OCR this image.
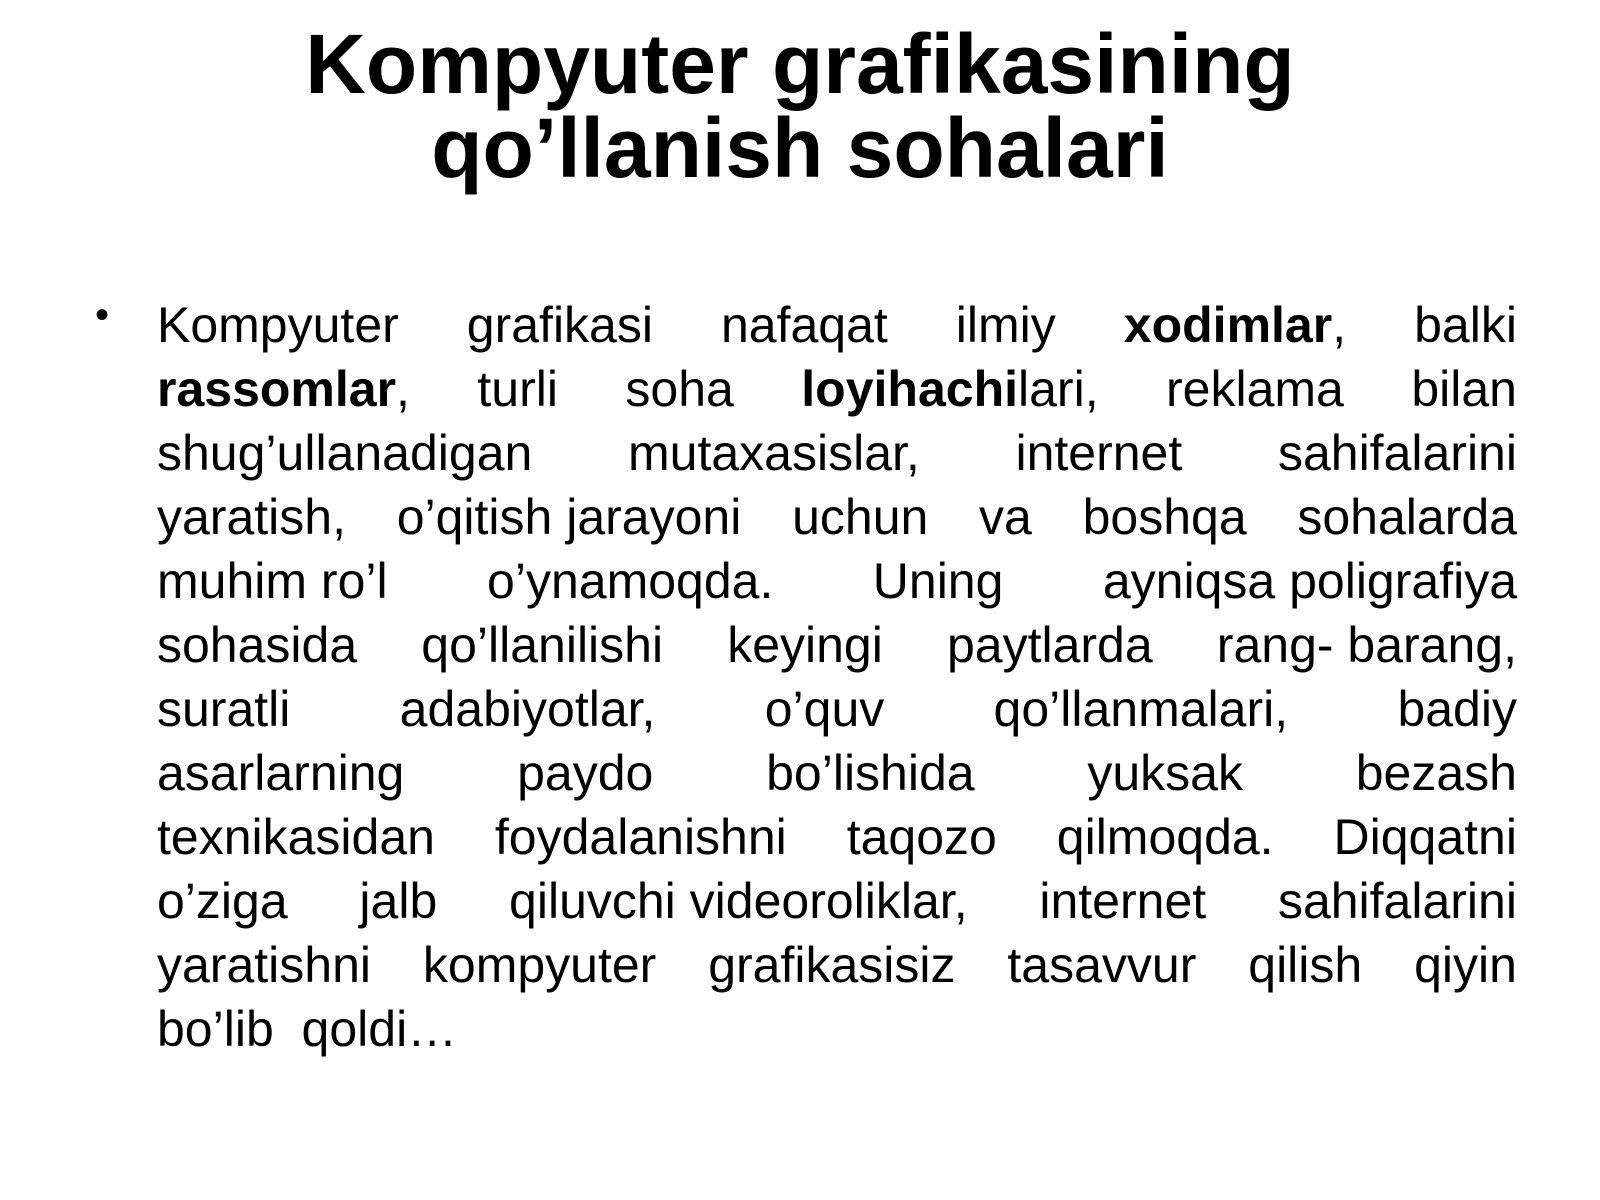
Kompyuter grafikasining
qo’llanish sohalari
• Kompyuter grafikasi nafaqat ilmiy xodimlar, balki
rassomlar, turli soha loyihachilari, reklama bilan
shug’ullanadigan mutaxasislar, internet sahifalarini
yaratish, o’qitish jarayoni uchun va boshqa sohalarda
muhim ro’l o’ynamoqda. Uning ayniqsa poligrafiya
sohasida qo’llanilishi keyingi paytlarda rang- barang,
suratli adabiyotlar, o’quv qo’llanmalari, badiy
asarlarning paydo bo’lishida yuksak bezash
texnikasidan foydalanishni taqozo qilmoqda. Diqqatni
o’ziga jalb qiluvchi videoroliklar, internet sahifalarini
yaratishni kompyuter grafikasisiz tasavvur qilish qiyin
bo’lib  qoldi…
